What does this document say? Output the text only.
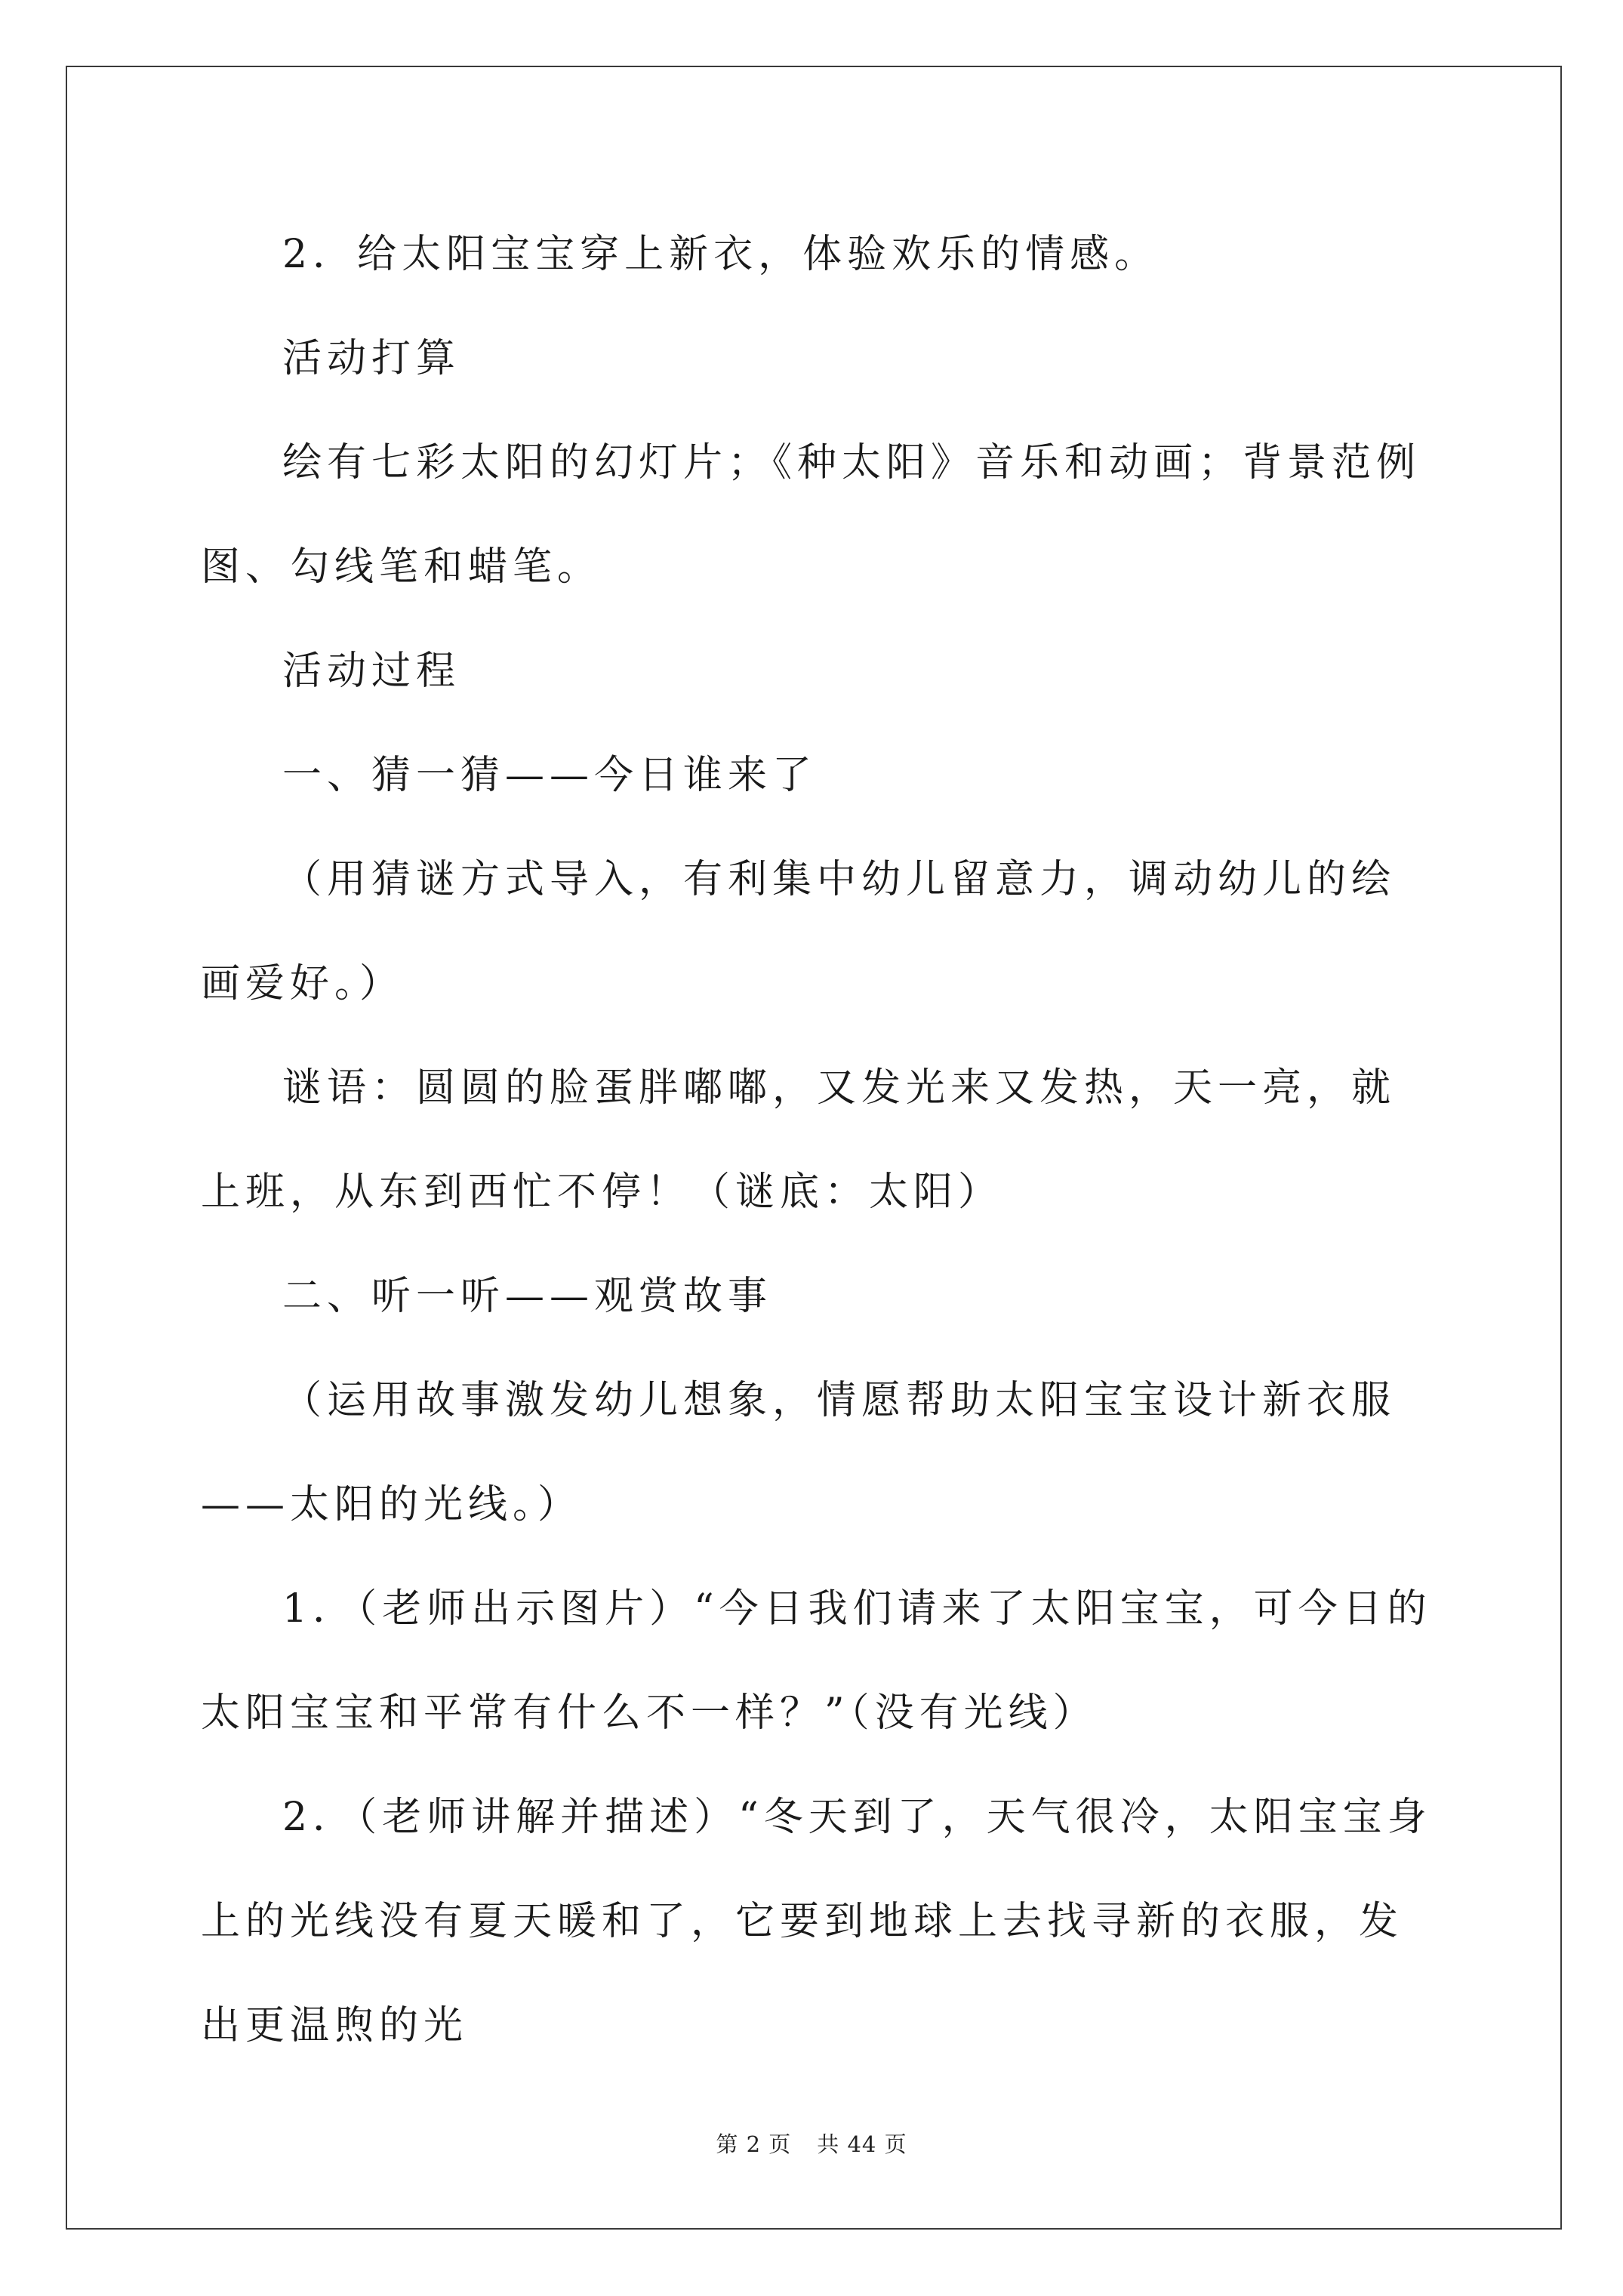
2．给太阳宝宝穿上新衣，体验欢乐的情感。

活动打算

绘有七彩太阳的幻灯片；《种太阳》音乐和动画；背景范例图、勾线笔和蜡笔。

活动过程

一、猜一猜——今日谁来了

（用猜谜方式导入，有利集中幼儿留意力，调动幼儿的绘画爱好。）

谜语：圆圆的脸蛋胖嘟嘟，又发光来又发热，天一亮，就上班，从东到西忙不停！（谜底：太阳）

二、听一听——观赏故事

（运用故事激发幼儿想象，情愿帮助太阳宝宝设计新衣服——太阳的光线。）

1．（老师出示图片）“今日我们请来了太阳宝宝，可今日的太阳宝宝和平常有什么不一样？”（没有光线）

2．（老师讲解并描述）“冬天到了，天气很冷，太阳宝宝身上的光线没有夏天暖和了，它要到地球上去找寻新的衣服，发出更温煦的光

第 2 页 共 44 页
